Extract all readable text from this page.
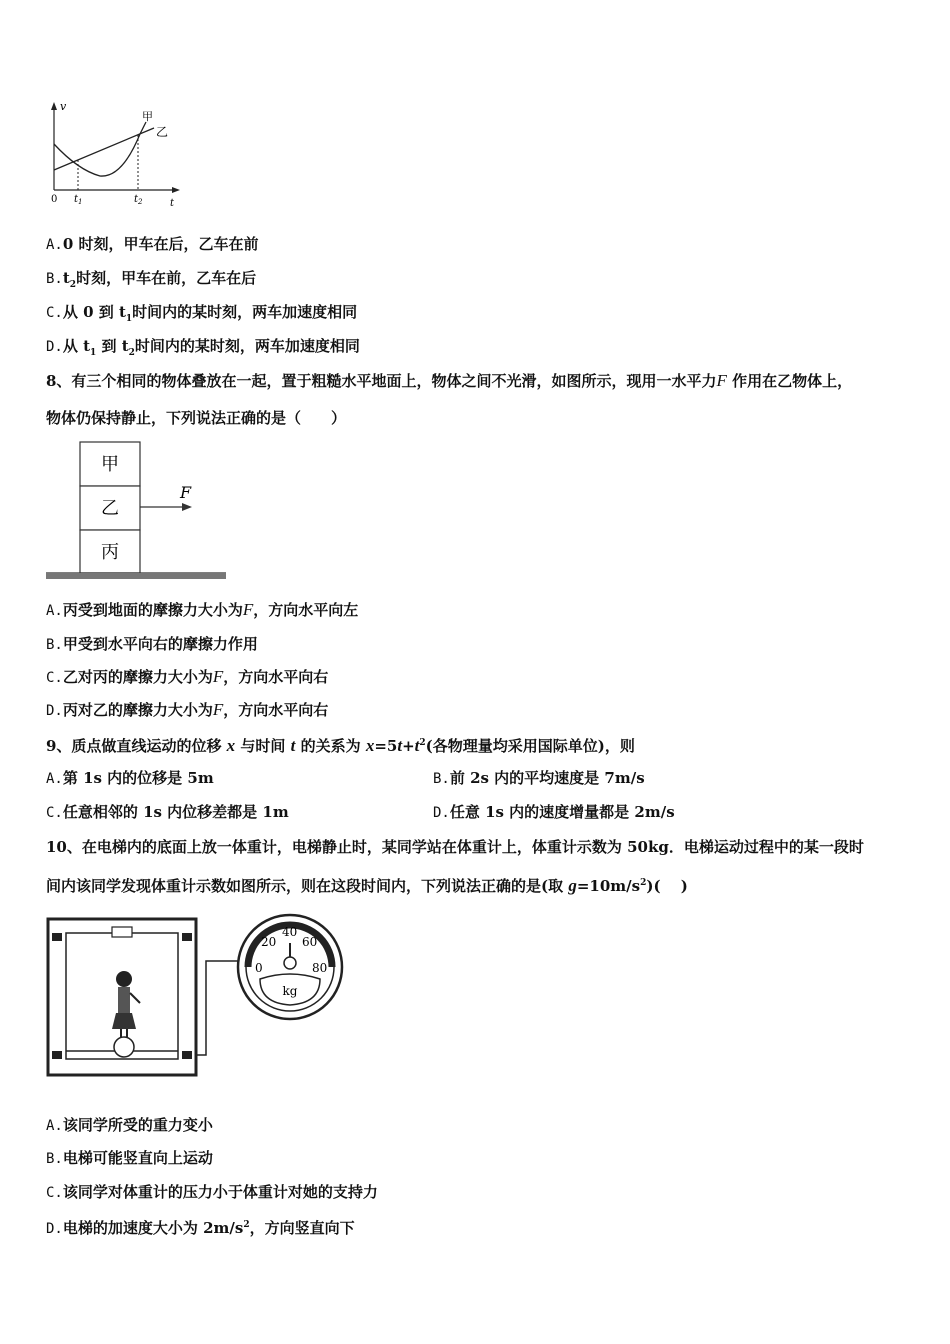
v
0 $t_1$	$t_2$	t
甲
乙
A.0 时刻，甲车在后，乙车在前
$B.t_2$时刻，甲车在前，乙车在后
C.从 0 到 $t_1$时间内的某时刻，两车加速度相同
D.从 $t_1$ 到 $t_2$时间内的某时刻，两车加速度相同
8、有三个相同的物体叠放在一起，置于粗糙水平地面上，物体之间不光滑，如图所示，现用一水平力F 作用在乙物体上，
物体仍保持静止，下列说法正确的是（　　）
甲
乙
丙
F
A.丙受到地面的摩擦力大小为F，方向水平向左
B.甲受到水平向右的摩擦力作用
C.乙对丙的摩擦力大小为F，方向水平向右
D.丙对乙的摩擦力大小为F，方向水平向右
9、质点做直线运动的位移 x 与时间 t 的关系为 $x=5t+t^2$(各物理量均采用国际单位)，则
A.第 1s 内的位移是 5m	B.前 2s 内的平均速度是 7m/s
C.任意相邻的 1s 内位移差都是 1m	D.任意 1s 内的速度增量都是 2m/s
10、在电梯内的底面上放一体重计，电梯静止时，某同学站在体重计上，体重计示数为 50kg．电梯运动过程中的某一段时
间内该同学发现体重计示数如图所示，则在这段时间内，下列说法正确的是(取 $g=10m/s^2$)(　 )
0
20
40
60
80
kg
A.该同学所受的重力变小
B.电梯可能竖直向上运动
C.该同学对体重计的压力小于体重计对她的支持力
D.电梯的加速度大小为 $2m/s^2$，方向竖直向下
